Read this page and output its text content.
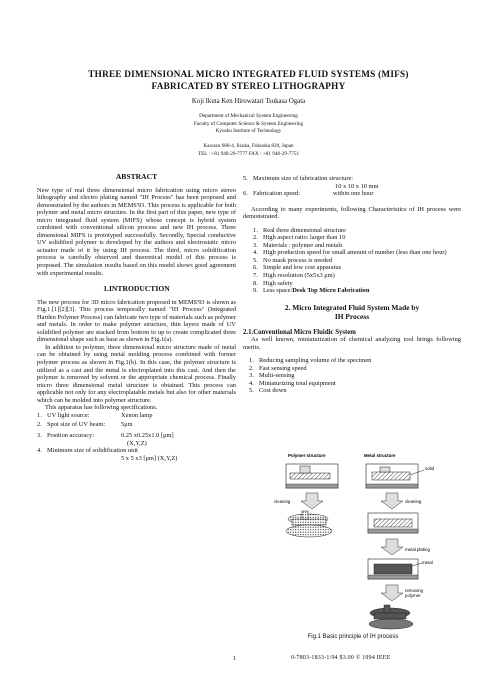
THREE DIMENSIONAL MICRO INTEGRATED FLUID SYSTEMS (MIFS)
FABRICATED BY STEREO LITHOGRAPHY
Koji Ikuta Ken Hirowatari Tsukasa Ogata
Department of Mechanical System Engineering
Faculty of Computer Science & System Engineering
Kyushu Institute of Technology
Kawazu 680-4, Iizuka, Fukuoka 820, Japan
TEL : +81 948-29-7777 FAX : +81 948-29-7751
ABSTRACT

New type of real three dimensional micro fabrication using micro stereo lithography and electro plating named "IH Process" has been proposed and demonstrated by the authors in MEMS'93. This process is applicable for both polymer and metal micro structure. In the first part of this paper, new type of micro integrated fluid system (MIFS) whose concept is hybrid system combined with conventional silicon process and new IH process. Three dimensional MIFS is prototyped successfully. Secondly, Special conductive UV solidified polymer is developed by the authors and electrostatic micro actuator made of it by using IH process. The third, micro solidification process is carefully observed and theoretical model of this process is proposed. The simulation results based on this model shows good agreement with experimental results.

1.INTRODUCTION

The new process for 3D micro fabrication proposed in MEMS'93 is shown as Fig.1.[1][2][3]. This process temporally named "IH Process" (Integrated Harden Polymer Process) can fabricate two type of materials such as polymer and metals. In order to make polymer structure, thin layers made of UV solidified polymer are stacked from bottom to up to create complicated three dimensional shape such as base as shown in Fig.1(a).

In addition to polymer, three dimensional micro structure made of metal can be obtained by using metal molding process combined with former polymer process as shown in Fig.1(b). In this case, the polymer structure is utilized as a cast and the metal is electroplated into this cast. And then the polymer is removed by solvent or the appropriate chemical process. Finally micro three dimensional metal structure is obtained. This process can applicable not only for any electroplatable metals but also for other materials which can be molded into polymer structure.

This apparatus has following specifications.

1. UV light source:	Xenon lamp
2. Spot size of UV beam:	5μm
3. Position accuracy:	0.25 x0.25x1.0 [μm]
(X,Y,Z)
4. Minimum size of solidification unit
5 x 5 x3 [μm] (X,Y,Z)
5. Maximum size of fabrication structure:
10 x 10 x 10 mm
6. Fabrication speed:	within one hour

According to many experiments, following Characteristics of IH process were demonstrated.

1. Real three dimensional structure
2. High aspect ratio: larger than 10
3. Materials : polymer and metals
4. High production speed for small amount of number (less than one hour)
5. No mask process is needed
6. Simple and low cost apparatus
7. High resolution (5x5x3 μm)
8. High safety
9. Less space:Desk Top Micro Fabrication
2. Micro Integrated Fluid System Made by
IH Process
2.1.Conventional Micro Fluidic System

As well known, miniaturization of chemical analyzing tool brings following merits.

1. Reducing sampling volume of the specimen
2. Fast sensing speed
3. Multi-sensing
4. Miniaturizing total equipment
5. Cost down
Polymer structure	Metal structure
solid
cleaning	cleaning
metal plating
metal
removing
polymer
Fig.1 Basic principle of IH process
1	0-7803-1833-1/94 $3.00 © 1994 IEEE
